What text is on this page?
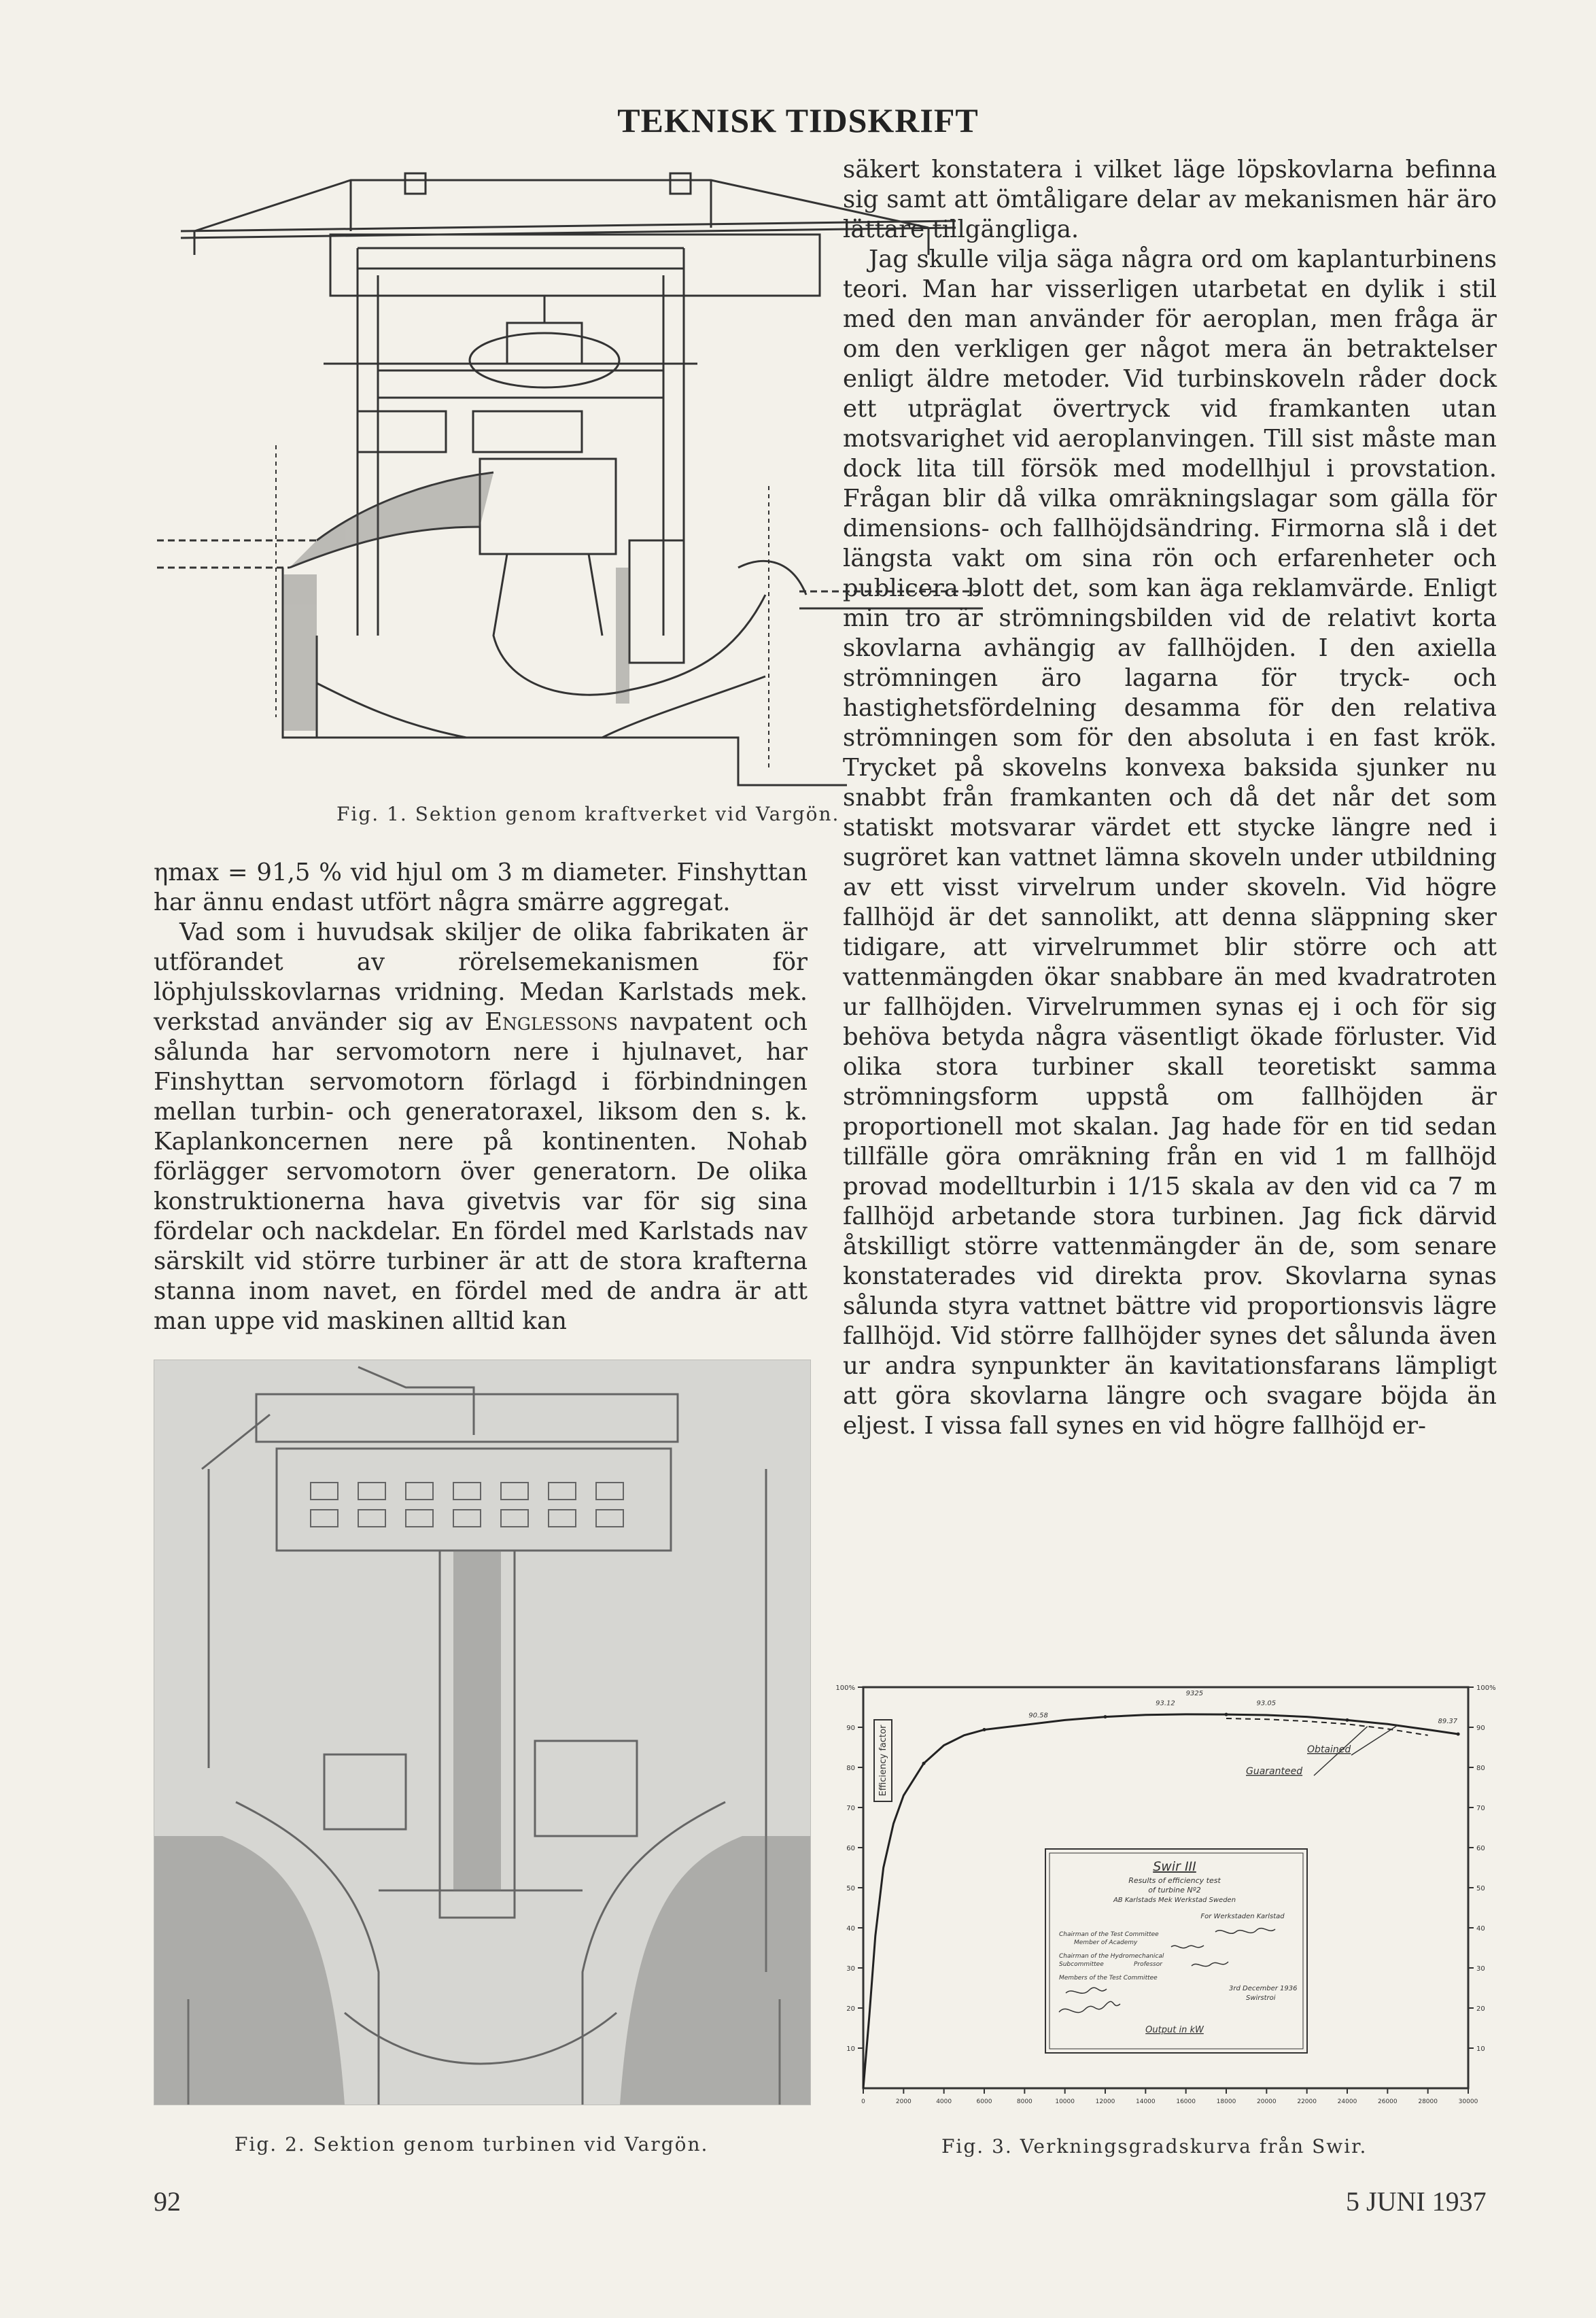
TEKNISK TIDSKRIFT
Fig. 1. Sektion genom kraftverket vid Vargön.

ηmax = 91,5 % vid hjul om 3 m diameter. Finshyttan har ännu endast utfört några smärre aggregat.

Vad som i huvudsak skiljer de olika fabrikaten är utförandet av rörelsemekanismen för löphjulsskovlarnas vridning. Medan Karlstads mek. verkstad använder sig av Englessons navpatent och sålunda har servomotorn nere i hjulnavet, har Finshyttan servomotorn förlagd i förbindningen mellan turbin- och generatoraxel, liksom den s. k. Kaplankoncernen nere på kontinenten. Nohab förlägger servomotorn över generatorn. De olika konstruktionerna hava givetvis var för sig sina fördelar och nackdelar. En fördel med Karlstads nav särskilt vid större turbiner är att de stora krafterna stanna inom navet, en fördel med de andra är att man uppe vid maskinen alltid kan

Fig. 2. Sektion genom turbinen vid Vargön.

säkert konstatera i vilket läge löpskovlarna befinna sig samt att ömtåligare delar av mekanismen här äro lättare tillgängliga.

Jag skulle vilja säga några ord om kaplanturbinens teori. Man har visserligen utarbetat en dylik i stil med den man använder för aeroplan, men fråga är om den verkligen ger något mera än betraktelser enligt äldre metoder. Vid turbinskoveln råder dock ett utpräglat övertryck vid framkanten utan motsvarighet vid aeroplanvingen. Till sist måste man dock lita till försök med modellhjul i provstation. Frågan blir då vilka omräkningslagar som gälla för dimensions- och fallhöjdsändring. Firmorna slå i det längsta vakt om sina rön och erfarenheter och publicera blott det, som kan äga reklamvärde. Enligt min tro är strömningsbilden vid de relativt korta skovlarna avhängig av fallhöjden. I den axiella strömningen äro lagarna för tryck- och hastighetsfördelning desamma för den relativa strömningen som för den absoluta i en fast krök. Trycket på skovelns konvexa baksida sjunker nu snabbt från framkanten och då det når det som statiskt motsvarar värdet ett stycke längre ned i sugröret kan vattnet lämna skoveln under utbildning av ett visst virvelrum under skoveln. Vid högre fallhöjd är det sannolikt, att denna släppning sker tidigare, att virvelrummet blir större och att vattenmängden ökar snabbare än med kvadratroten ur fallhöjden. Virvelrummen synas ej i och för sig behöva betyda några väsentligt ökade förluster. Vid olika stora turbiner skall teoretiskt samma strömningsform uppstå om fallhöjden är proportionell mot skalan. Jag hade för en tid sedan tillfälle göra omräkning från en vid 1 m fallhöjd provad modellturbin i 1/15 skala av den vid ca 7 m fallhöjd arbetande stora turbinen. Jag fick därvid åtskilligt större vattenmängder än de, som senare konstaterades vid direkta prov. Skovlarna synas sålunda styra vattnet bättre vid proportionsvis lägre fallhöjd. Vid större fallhöjder synes det sålunda även ur andra synpunkter än kavitationsfarans lämpligt att göra skovlarna längre och svagare böjda än eljest. I vissa fall synes en vid högre fallhöjd er-

10	10
20	20
30	30
40	40
50	50
60	60
70	70
80	80
90	90
100%	100%
0	2000	4000	6000	8000	10000	12000	14000	16000	18000	20000	22000	24000	26000	28000	30000
9325
93.12	93.05
90.58
89.37
Efficiency factor	Obtained
Guaranteed
Swir III
Results of efficiency test
of turbine Nº2
AB Karlstads Mek Werkstad Sweden
For Werkstaden Karlstad
Chairman of the Test Committee
Member of Academy
Chairman of the Hydromechanical
Subcommittee	Professor
Members of the Test Committee
3rd December 1936
Swirstroi
Output in kW
Fig. 3. Verkningsgradskurva från Swir.
92	5 JUNI 1937
